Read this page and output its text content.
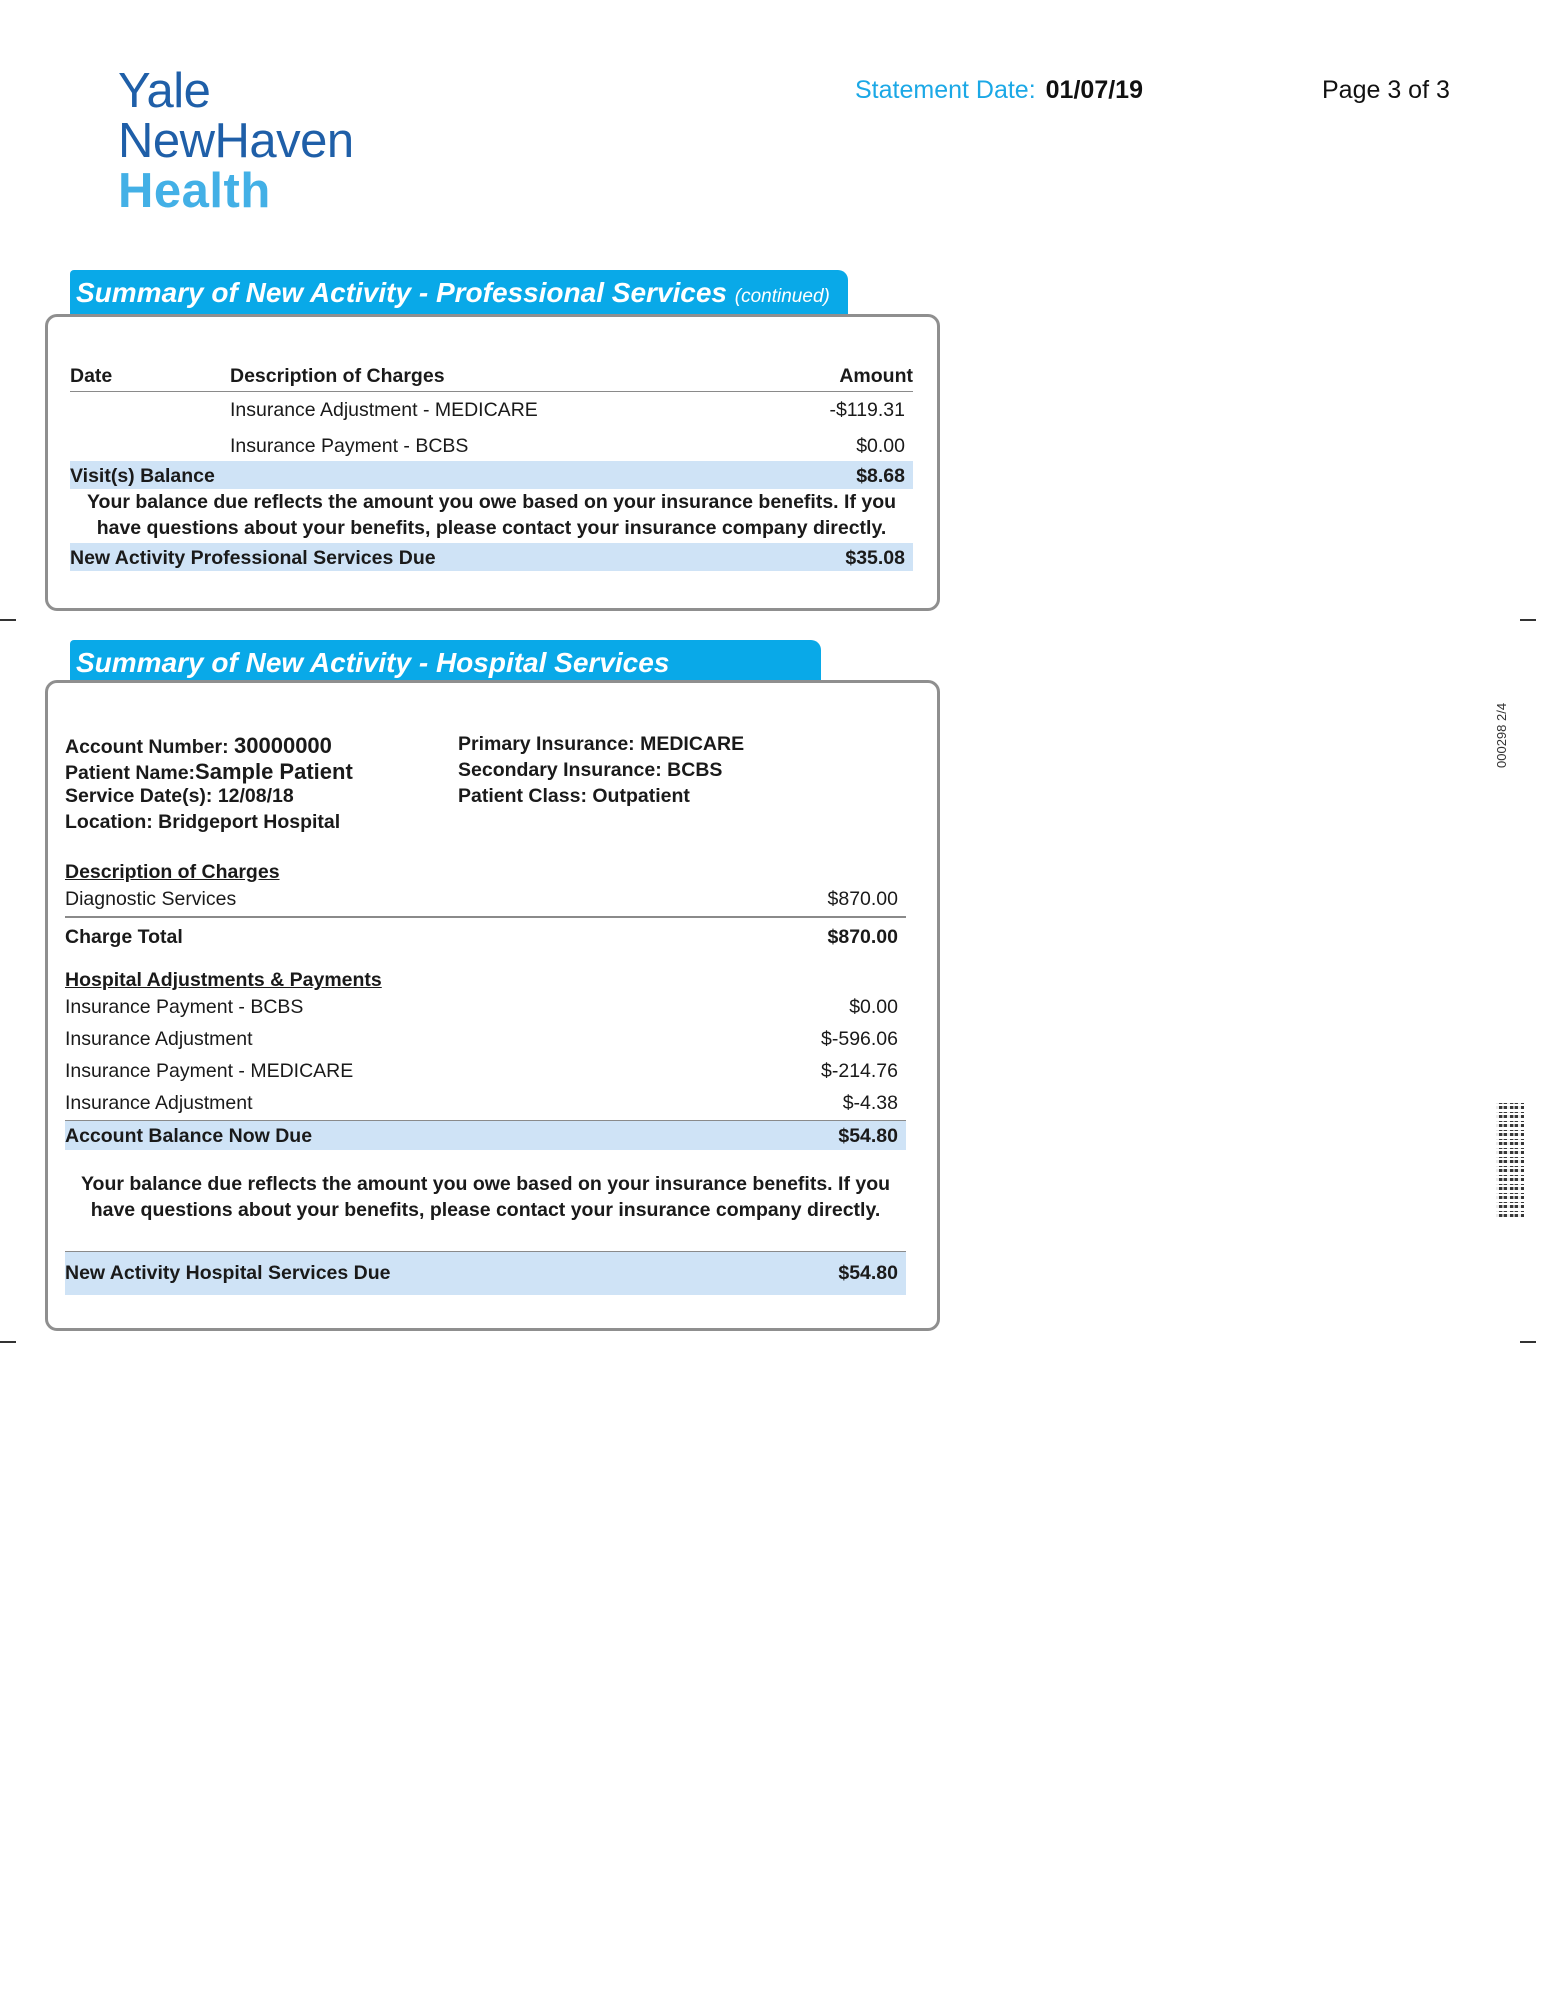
Yale
NewHaven
Health
Statement Date: 01/07/19	Page 3 of 3
000298 2/4
Summary of New Activity - Professional Services (continued)
Date	Description of Charges	Amount
Insurance Adjustment - MEDICARE	-$119.31
Insurance Payment - BCBS	$0.00
Visit(s) Balance	$8.68
Your balance due reflects the amount you owe based on your insurance benefits. If you
have questions about your benefits, please contact your insurance company directly.
New Activity Professional Services Due	$35.08
Summary of New Activity - Hospital Services
Account Number: 30000000
Patient Name:Sample Patient
Service Date(s): 12/08/18
Location: Bridgeport Hospital
Primary Insurance: MEDICARE
Secondary Insurance: BCBS
Patient Class: Outpatient
Description of Charges
Diagnostic Services	$870.00
Charge Total	$870.00
Hospital Adjustments & Payments
Insurance Payment - BCBS	$0.00
Insurance Adjustment	$-596.06
Insurance Payment - MEDICARE	$-214.76
Insurance Adjustment	$-4.38
Account Balance Now Due	$54.80
Your balance due reflects the amount you owe based on your insurance benefits. If you
have questions about your benefits, please contact your insurance company directly.
New Activity Hospital Services Due	$54.80
